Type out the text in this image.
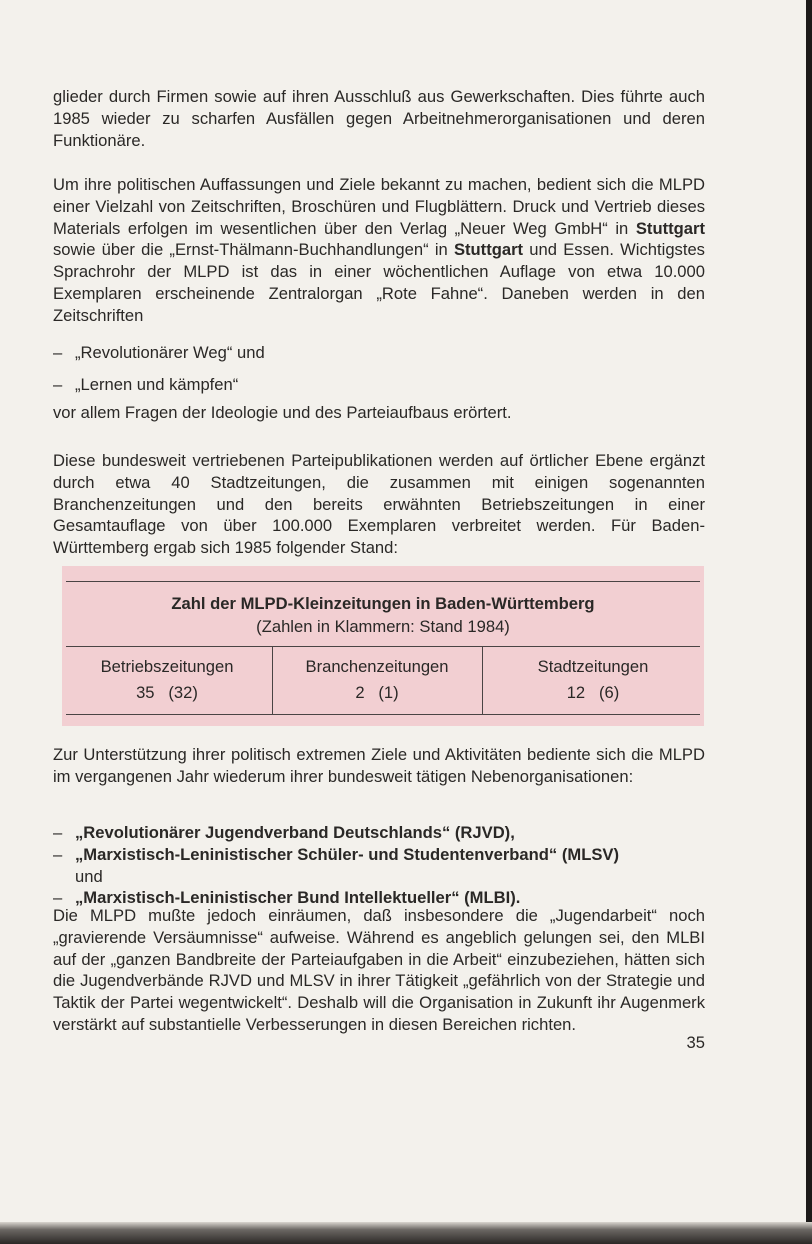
glieder durch Firmen sowie auf ihren Ausschluß aus Gewerkschaften. Dies führte auch 1985 wieder zu scharfen Ausfällen gegen Arbeitnehmerorganisationen und deren Funktionäre.

Um ihre politischen Auffassungen und Ziele bekannt zu machen, bedient sich die MLPD einer Vielzahl von Zeitschriften, Broschüren und Flugblättern. Druck und Vertrieb dieses Materials erfolgen im wesentlichen über den Verlag „Neuer Weg GmbH“ in Stuttgart sowie über die „Ernst-Thälmann-Buchhandlungen“ in Stuttgart und Essen. Wichtigstes Sprachrohr der MLPD ist das in einer wöchentlichen Auflage von etwa 10.000 Exemplaren erscheinende Zentralorgan „Rote Fahne“. Daneben werden in den Zeitschriften

– „Revolutionärer Weg“ und
– „Lernen und kämpfen“

vor allem Fragen der Ideologie und des Parteiaufbaus erörtert.

Diese bundesweit vertriebenen Parteipublikationen werden auf örtlicher Ebene ergänzt durch etwa 40 Stadtzeitungen, die zusammen mit einigen sogenannten Branchenzeitungen und den bereits erwähnten Betriebszeitungen in einer Gesamtauflage von über 100.000 Exemplaren verbreitet werden. Für Baden-Württemberg ergab sich 1985 folgender Stand:

Zahl der MLPD-Kleinzeitungen in Baden-Württemberg
(Zahlen in Klammern: Stand 1984)
Betriebszeitungen
35 (32)
Branchenzeitungen
2 (1)
Stadtzeitungen
12 (6)

Zur Unterstützung ihrer politisch extremen Ziele und Aktivitäten bediente sich die MLPD im vergangenen Jahr wiederum ihrer bundesweit tätigen Nebenorganisationen:

– „Revolutionärer Jugendverband Deutschlands“ (RJVD),
– „Marxistisch-Leninistischer Schüler- und Studentenverband“ (MLSV)
und
– „Marxistisch-Leninistischer Bund Intellektueller“ (MLBI).

Die MLPD mußte jedoch einräumen, daß insbesondere die „Jugendarbeit“ noch „gravierende Versäumnisse“ aufweise. Während es angeblich gelungen sei, den MLBI auf der „ganzen Bandbreite der Parteiaufgaben in die Arbeit“ einzubeziehen, hätten sich die Jugendverbände RJVD und MLSV in ihrer Tätigkeit „gefährlich von der Strategie und Taktik der Partei wegentwickelt“. Deshalb will die Organisation in Zukunft ihr Augenmerk verstärkt auf substantielle Verbesserungen in diesen Bereichen richten.

35
